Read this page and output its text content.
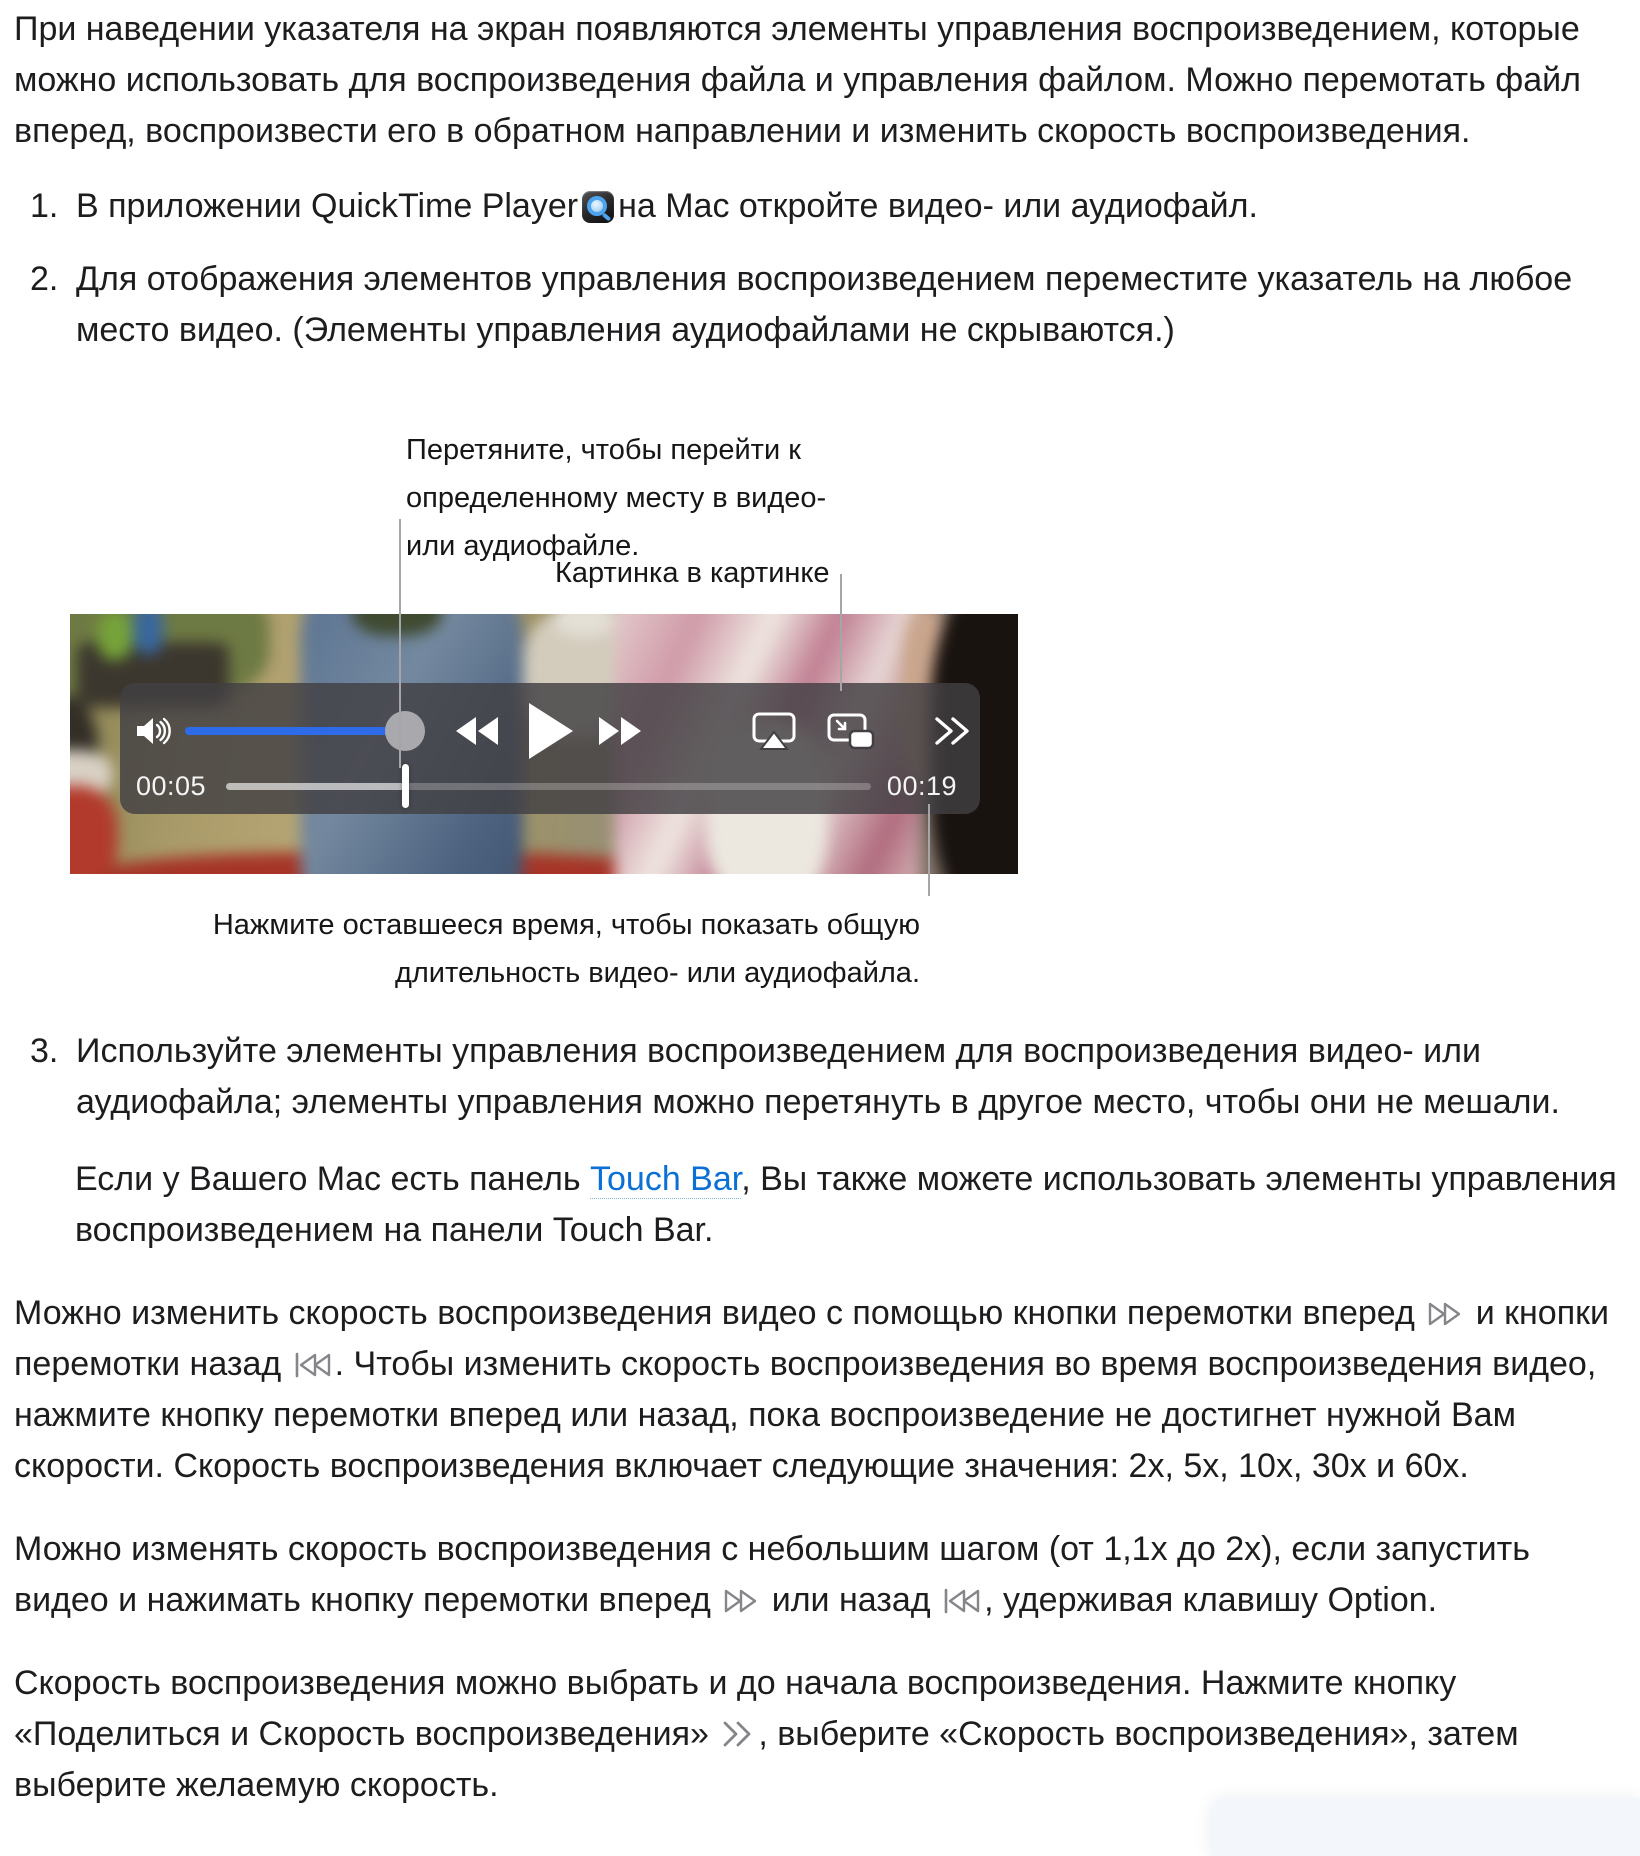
При наведении указателя на экран появляются элементы управления воспроизведением, которые можно использовать для воспроизведения файла и управления файлом. Можно перемотать файл вперед, воспроизвести его в обратном направлении и изменить скорость воспроизведения.

1. В приложении QuickTime Player на Mac откройте видео- или аудиофайл.
2. Для отображения элементов управления воспроизведением переместите указатель на любое место видео. (Элементы управления аудиофайлами не скрываются.)
Перетяните, чтобы перейти к
определенному месту в видео-
или аудиофайле.
Картинка в картинке
Нажмите оставшееся время, чтобы показать общую
длительность видео- или аудиофайла.
00:05	00:19
3. Используйте элементы управления воспроизведением для воспроизведения видео- или аудиофайла; элементы управления можно перетянуть в другое место, чтобы они не мешали.

Если у Вашего Mac есть панель Touch Bar, Вы также можете использовать элементы управления воспроизведением на панели Touch Bar.

Можно изменить скорость воспроизведения видео с помощью кнопки перемотки вперед  и кнопки перемотки назад . Чтобы изменить скорость воспроизведения во время воспроизведения видео, нажмите кнопку перемотки вперед или назад, пока воспроизведение не достигнет нужной Вам скорости. Скорость воспроизведения включает следующие значения: 2x, 5x, 10x, 30x и 60x.

Можно изменять скорость воспроизведения с небольшим шагом (от 1,1x до 2x), если запустить видео и нажимать кнопку перемотки вперед  или назад , удерживая клавишу Option.

Скорость воспроизведения можно выбрать и до начала воспроизведения. Нажмите кнопку «Поделиться и Скорость воспроизведения» , выберите «Скорость воспроизведения», затем выберите желаемую скорость.
